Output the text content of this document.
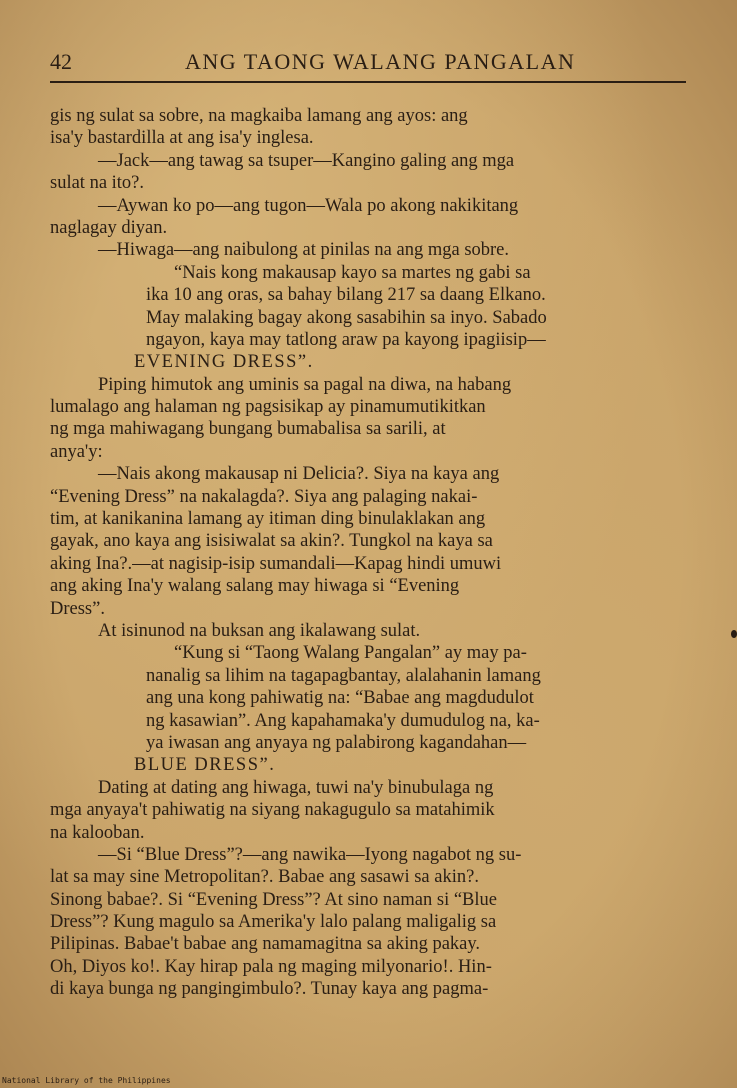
42	ANG TAONG WALANG PANGALAN
gis ng sulat sa sobre, na magkaiba lamang ang ayos: ang
isa'y bastardilla at ang isa'y inglesa.
—Jack—ang tawag sa tsuper—Kangino galing ang mga
sulat na ito?.
—Aywan ko po—ang tugon—Wala po akong nakikitang
naglagay diyan.
—Hiwaga—ang naibulong at pinilas na ang mga sobre.
“Nais kong makausap kayo sa martes ng gabi sa
ika 10 ang oras, sa bahay bilang 217 sa daang Elkano.
May malaking bagay akong sasabihin sa inyo. Sabado
ngayon, kaya may tatlong araw pa kayong ipagiisip—
EVENING DRESS”.
Piping himutok ang uminis sa pagal na diwa, na habang
lumalago ang halaman ng pagsisikap ay pinamumutikitkan
ng mga mahiwagang bungang bumabalisa sa sarili, at
anya'y:
—Nais akong makausap ni Delicia?. Siya na kaya ang
“Evening Dress” na nakalagda?. Siya ang palaging nakai-
tim, at kanikanina lamang ay itiman ding binulaklakan ang
gayak, ano kaya ang isisiwalat sa akin?. Tungkol na kaya sa
aking Ina?.—at nagisip-isip sumandali—Kapag hindi umuwi
ang aking Ina'y walang salang may hiwaga si “Evening
Dress”.
At isinunod na buksan ang ikalawang sulat.
“Kung si “Taong Walang Pangalan” ay may pa-
nanalig sa lihim na tagapagbantay, alalahanin lamang
ang una kong pahiwatig na: “Babae ang magdudulot
ng kasawian”. Ang kapahamaka'y dumudulog na, ka-
ya iwasan ang anyaya ng palabirong kagandahan—
BLUE DRESS”.
Dating at dating ang hiwaga, tuwi na'y binubulaga ng
mga anyaya't pahiwatig na siyang nakagugulo sa matahimik
na kalooban.
—Si “Blue Dress”?—ang nawika—Iyong nagabot ng su-
lat sa may sine Metropolitan?. Babae ang sasawi sa akin?.
Sinong babae?. Si “Evening Dress”? At sino naman si “Blue
Dress”? Kung magulo sa Amerika'y lalo palang maligalig sa
Pilipinas. Babae't babae ang namamagitna sa aking pakay.
Oh, Diyos ko!. Kay hirap pala ng maging milyonario!. Hin-
di kaya bunga ng pangingimbulo?. Tunay kaya ang pagma-
National Library of the Philippines
